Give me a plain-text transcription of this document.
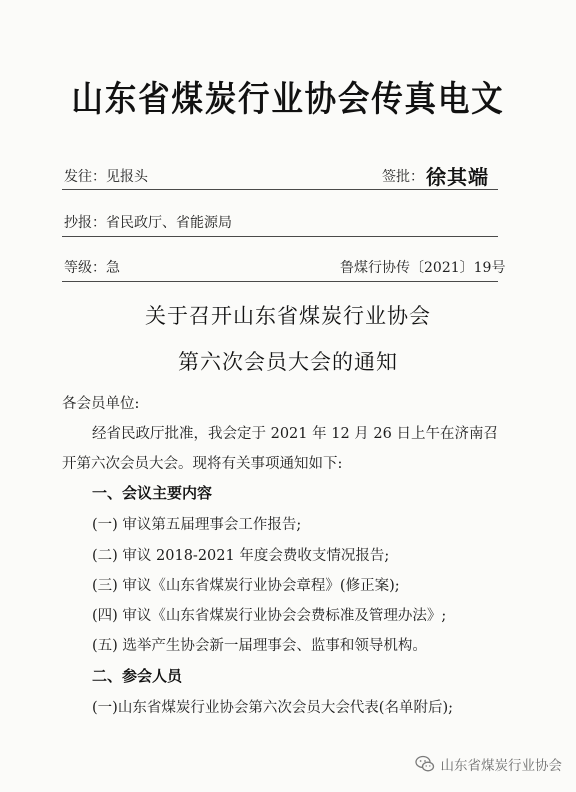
山东省煤炭行业协会传真电文
发往：见报头	签批： 徐其端
抄报：省民政厅、省能源局
等级：急	鲁煤行协传〔2021〕19号
关于召开山东省煤炭行业协会
第六次会员大会的通知
各会员单位:
经省民政厅批准，我会定于 2021 年 12 月 26 日上午在济南召
开第六次会员大会。现将有关事项通知如下:
一、会议主要内容
(一) 审议第五届理事会工作报告;
(二) 审议 2018-2021 年度会费收支情况报告;
(三) 审议《山东省煤炭行业协会章程》(修正案);
(四) 审议《山东省煤炭行业协会会费标准及管理办法》;
(五) 选举产生协会新一届理事会、监事和领导机构。
二、参会人员
(一)山东省煤炭行业协会第六次会员大会代表(名单附后);
山东省煤炭行业协会
